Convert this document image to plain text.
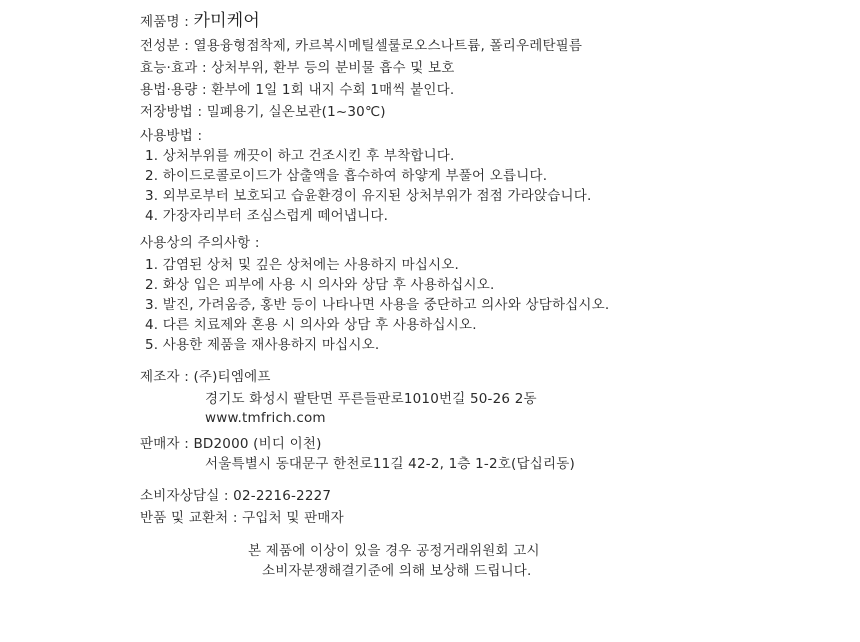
제품명 : 카미케어
전성분 : 열용융형점착제, 카르복시메틸셀룰로오스나트륨, 폴리우레탄필름
효능·효과 : 상처부위, 환부 등의 분비물 흡수 및 보호
용법·용량 : 환부에 1일 1회 내지 수회 1매씩 붙인다.
저장방법 : 밀폐용기, 실온보관(1~30℃)
사용방법 :
1. 상처부위를 깨끗이 하고 건조시킨 후 부착합니다.
2. 하이드로콜로이드가 삼출액을 흡수하여 하얗게 부풀어 오릅니다.
3. 외부로부터 보호되고 습윤환경이 유지된 상처부위가 점점 가라앉습니다.
4. 가장자리부터 조심스럽게 떼어냅니다.
사용상의 주의사항 :
1. 감염된 상처 및 깊은 상처에는 사용하지 마십시오.
2. 화상 입은 피부에 사용 시 의사와 상담 후 사용하십시오.
3. 발진, 가려움증, 홍반 등이 나타나면 사용을 중단하고 의사와 상담하십시오.
4. 다른 치료제와 혼용 시 의사와 상담 후 사용하십시오.
5. 사용한 제품을 재사용하지 마십시오.
제조자 : (주)티엠에프
경기도 화성시 팔탄면 푸른들판로1010번길 50-26 2동
www.tmfrich.com
판매자 : BD2000 (비디 이천)
서울특별시 동대문구 한천로11길 42-2, 1층 1-2호(답십리동)
소비자상담실 : 02-2216-2227
반품 및 교환처 : 구입처 및 판매자
본 제품에 이상이 있을 경우 공정거래위원회 고시
소비자분쟁해결기준에 의해 보상해 드립니다.
